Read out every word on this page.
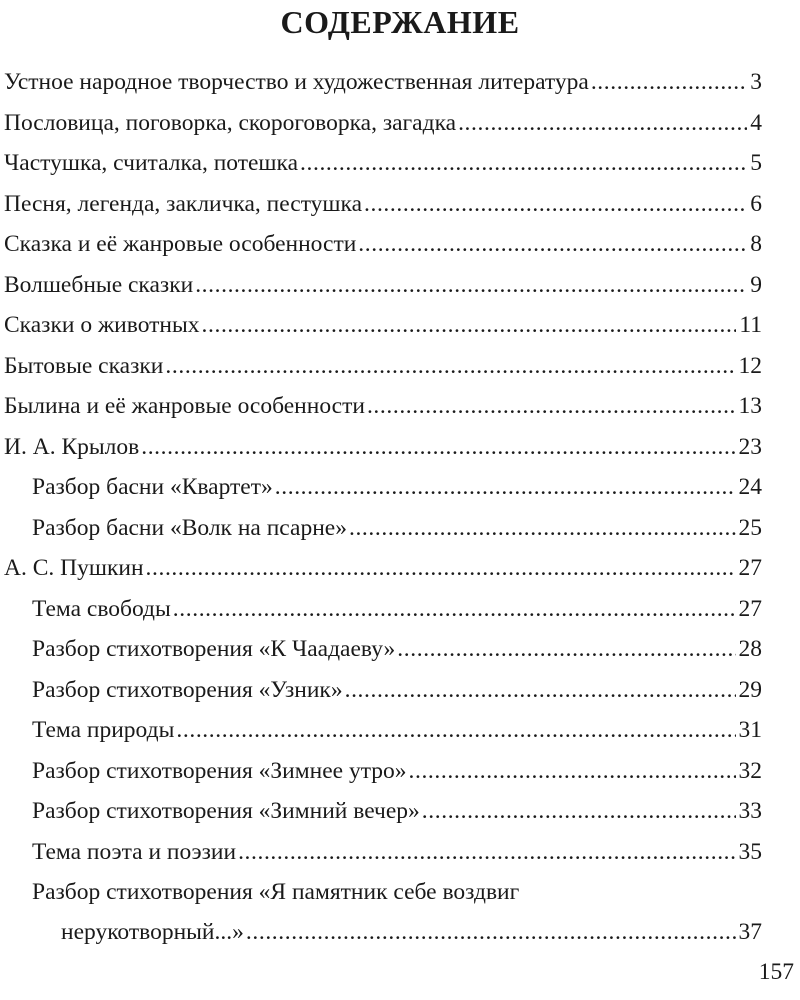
СОДЕРЖАНИЕ
Устное народное творчество и художественная литература .....	3
Пословица, поговорка, скороговорка, загадка .....	4
Частушка, считалка, потешка .....	5
Песня, легенда, закличка, пестушка .....	6
Сказка и её жанровые особенности .....	8
Волшебные сказки .....	9
Сказки о животных .....	11
Бытовые сказки .....	12
Былина и её жанровые особенности .....	13
И. А. Крылов .....	23
Разбор басни «Квартет» .....	24
Разбор басни «Волк на псарне» .....	25
А. С. Пушкин .....	27
Тема свободы .....	27
Разбор стихотворения «К Чаадаеву» .....	28
Разбор стихотворения «Узник» .....	29
Тема природы .....	31
Разбор стихотворения «Зимнее утро» .....	32
Разбор стихотворения «Зимний вечер» .....	33
Тема поэта и поэзии .....	35
Разбор стихотворения «Я памятник себе воздвиг
нерукотворный...» .....	37
157
